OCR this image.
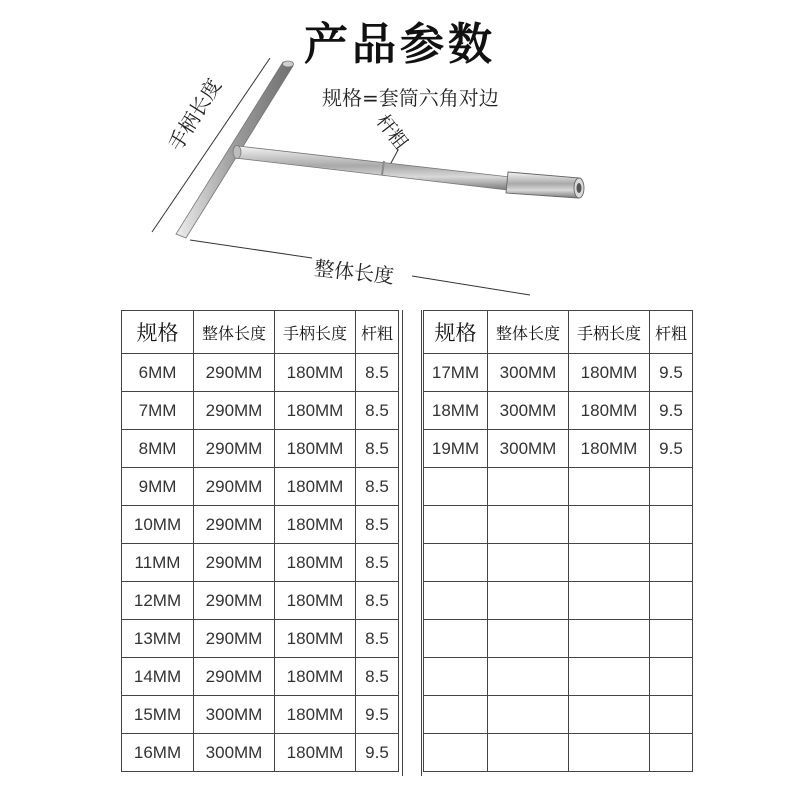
产品参数
规格=套筒六角对边
手柄长度	杆粗
整体长度
规格	整体长度	手柄长度	杆粗
6MM	290MM	180MM	8.5
7MM	290MM	180MM	8.5
8MM	290MM	180MM	8.5
9MM	290MM	180MM	8.5
10MM	290MM	180MM	8.5
11MM	290MM	180MM	8.5
12MM	290MM	180MM	8.5
13MM	290MM	180MM	8.5
14MM	290MM	180MM	8.5
15MM	300MM	180MM	9.5
16MM	300MM	180MM	9.5
规格	整体长度	手柄长度	杆粗
17MM	300MM	180MM	9.5
18MM	300MM	180MM	9.5
19MM	300MM	180MM	9.5
